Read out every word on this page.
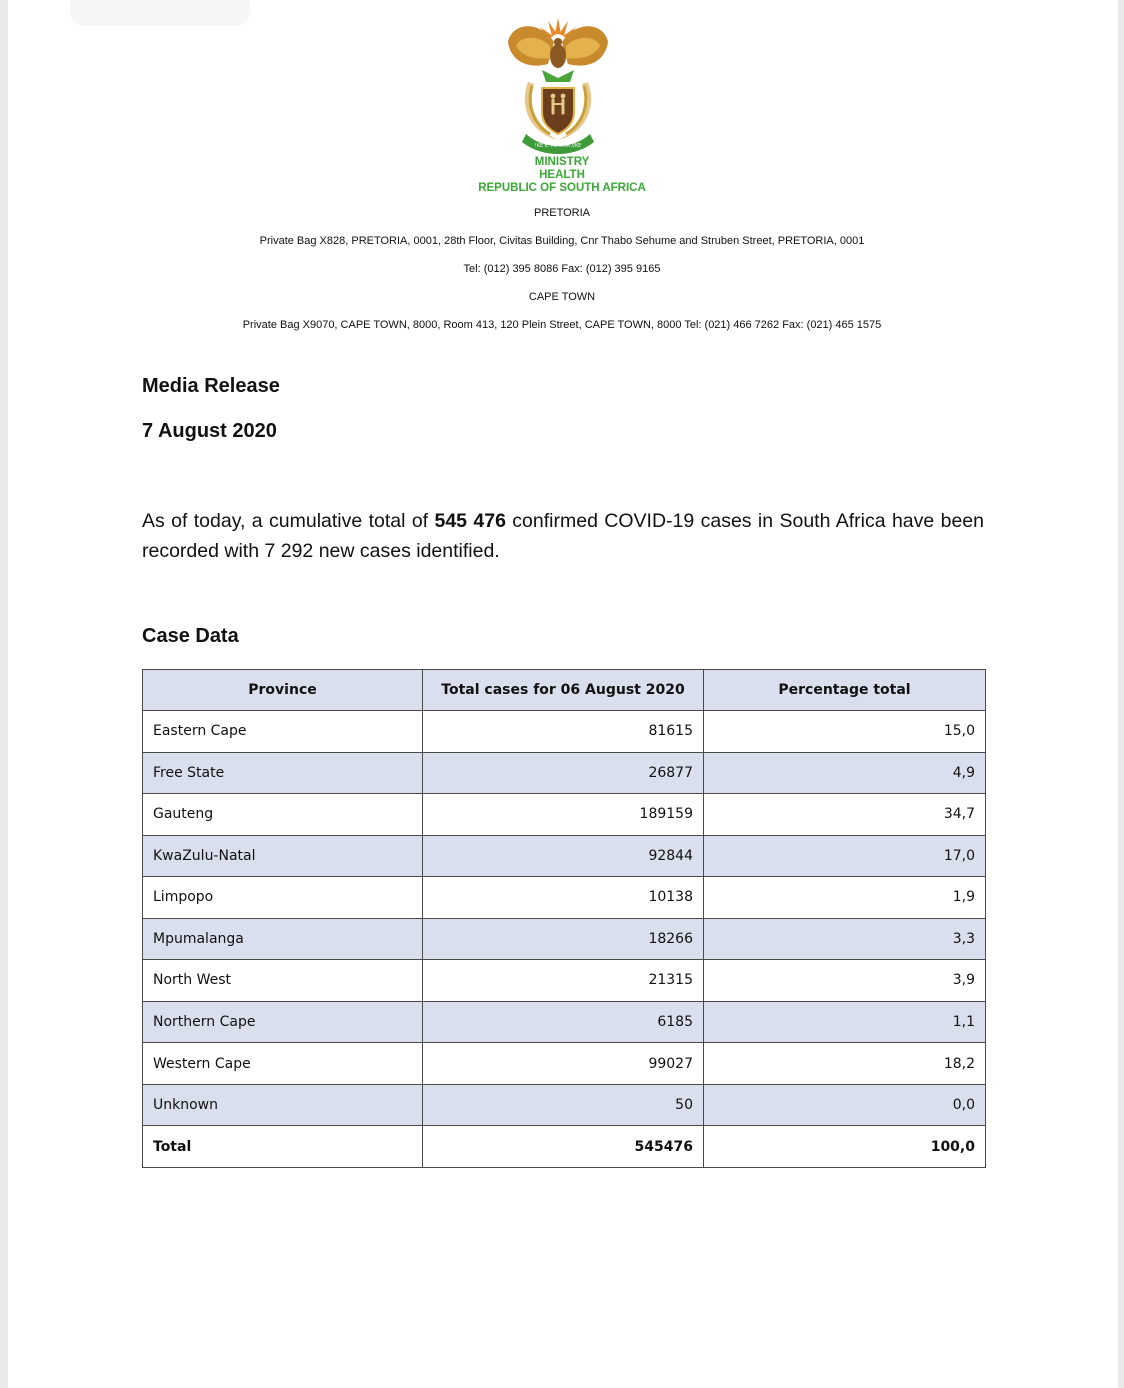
!KE E: /XARRA //KE
MINISTRY
HEALTH
REPUBLIC OF SOUTH AFRICA
PRETORIA
Private Bag X828, PRETORIA, 0001, 28th Floor, Civitas Building, Cnr Thabo Sehume and Struben Street, PRETORIA, 0001
Tel: (012) 395 8086 Fax: (012) 395 9165
CAPE TOWN
Private Bag X9070, CAPE TOWN, 8000, Room 413, 120 Plein Street, CAPE TOWN, 8000 Tel: (021) 466 7262 Fax: (021) 465 1575
Media Release
7 August 2020
As of today, a cumulative total of 545 476 confirmed COVID-19 cases in South Africa have been recorded with 7 292 new cases identified.
Case Data
Province	Total cases for 06 August 2020	Percentage total
Eastern Cape	81615	15,0
Free State	26877	4,9
Gauteng	189159	34,7
KwaZulu-Natal	92844	17,0
Limpopo	10138	1,9
Mpumalanga	18266	3,3
North West	21315	3,9
Northern Cape	6185	1,1
Western Cape	99027	18,2
Unknown	50	0,0
Total	545476	100,0
